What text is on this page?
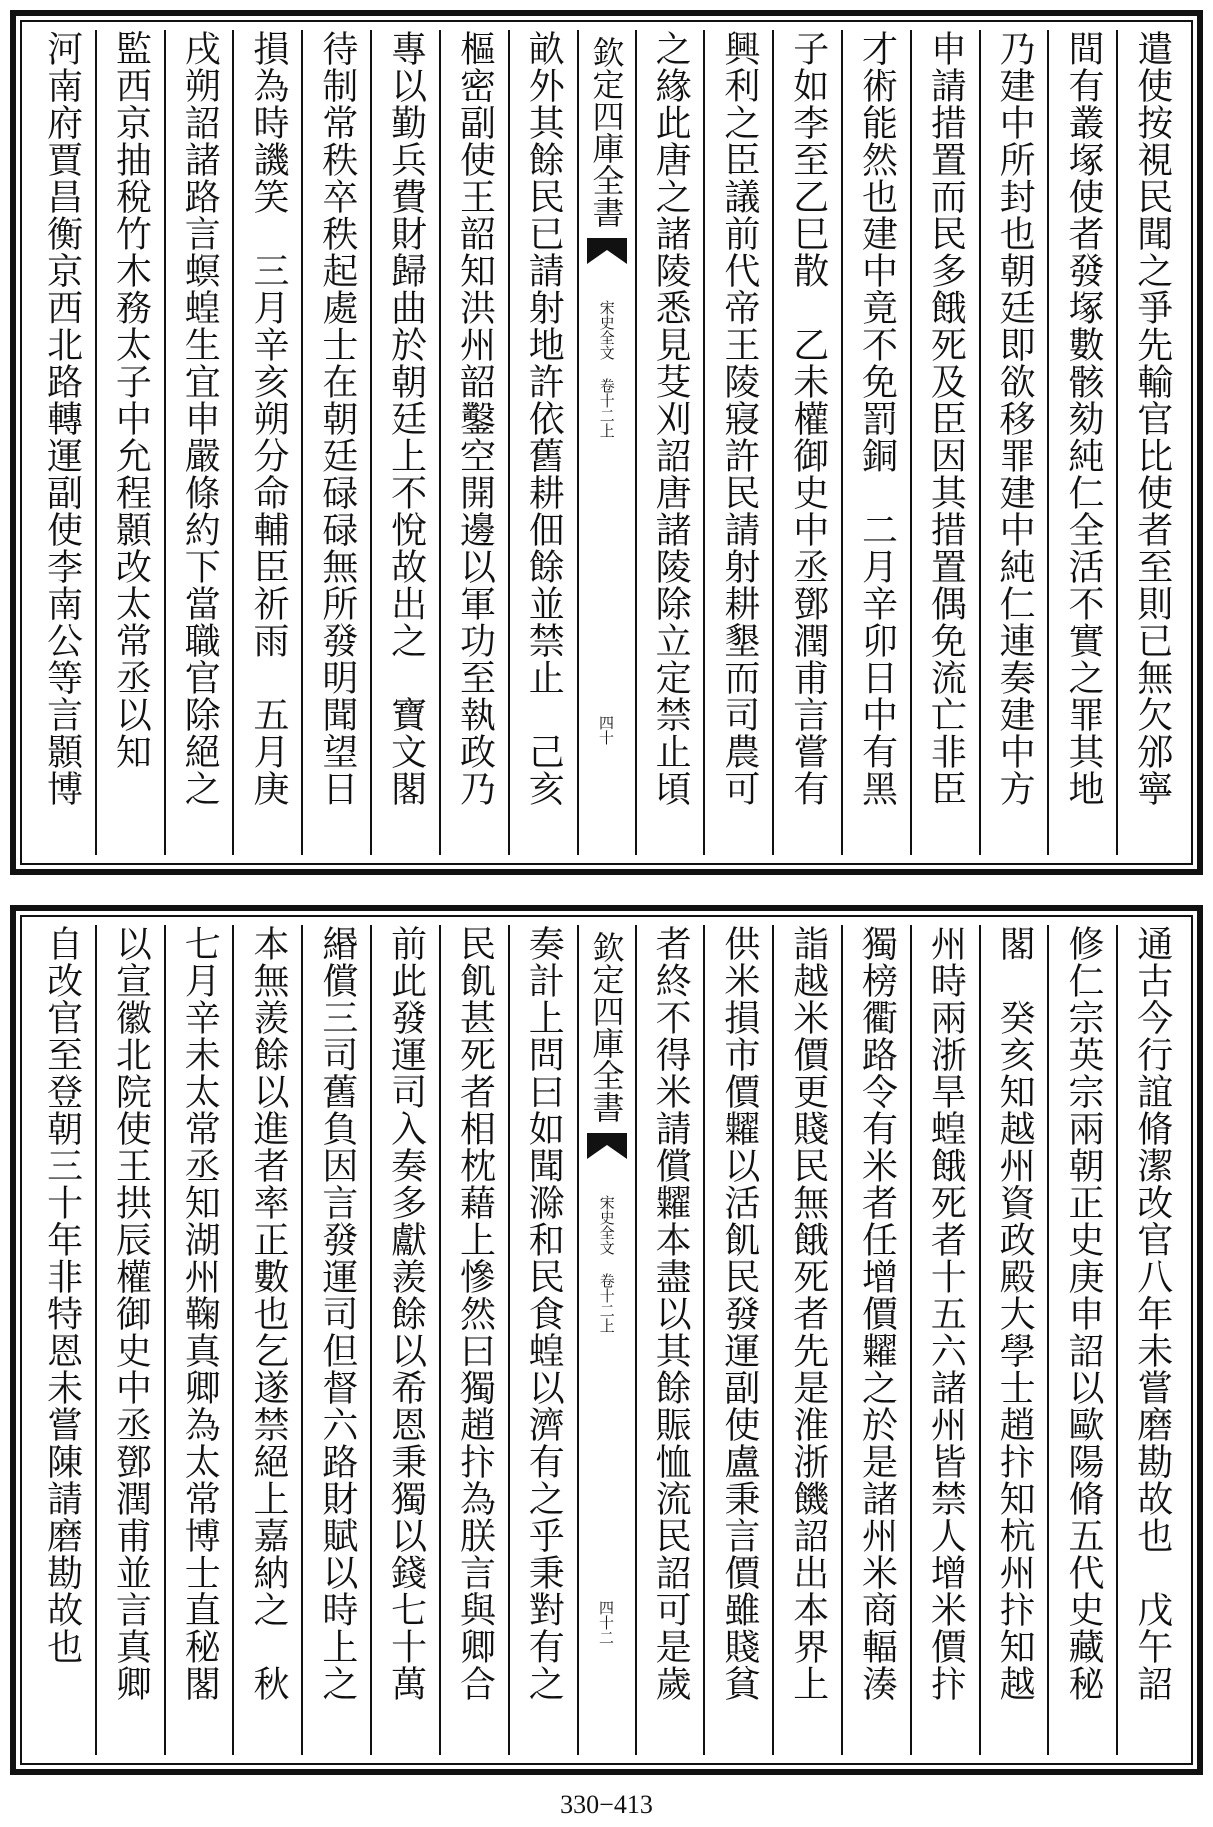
遣使按視民聞之爭先輸官比使者至則已無欠邠寧
間有叢塚使者發塚數骸劾純仁全活不實之罪其地
乃建中所封也朝廷即欲移罪建中純仁連奏建中方
申請措置而民多餓死及臣因其措置偶免流亡非臣
才術能然也建中竟不免罰銅　二月辛卯日中有黑
子如李至乙巳散　乙未權御史中丞鄧潤甫言嘗有
興利之臣議前代帝王陵寢許民請射耕墾而司農可
之緣此唐之諸陵悉見芟刈詔唐諸陵除立定禁止頃
欽定四庫全書
宋史全文 卷十二上
四十
畝外其餘民已請射地許依舊耕佃餘並禁止　己亥
樞密副使王韶知洪州韶鑿空開邊以軍功至執政乃
專以勤兵費財歸曲於朝廷上不悅故出之　寶文閣
待制常秩卒秩起處士在朝廷碌碌無所發明聞望日
損為時譏笑　三月辛亥朔分命輔臣祈雨　五月庚
戌朔詔諸路言螟蝗生宜申嚴條約下當職官除絕之
監西京抽稅竹木務太子中允程顥改太常丞以知
河南府賈昌衡京西北路轉運副使李南公等言顥博
通古今行誼脩潔改官八年未嘗磨勘故也　戊午詔
修仁宗英宗兩朝正史庚申詔以歐陽脩五代史藏秘
閣　癸亥知越州資政殿大學士趙抃知杭州抃知越
州時兩浙旱蝗餓死者十五六諸州皆禁人增米價抃
獨榜衢路令有米者任增價糶之於是諸州米商輻湊
詣越米價更賤民無餓死者先是淮浙饑詔出本界上
供米損市價糶以活飢民發運副使盧秉言價雖賤貧
者終不得米請償糶本盡以其餘賑恤流民詔可是歲
欽定四庫全書
宋史全文 卷十二上
四十二
奏計上問曰如聞滁和民食蝗以濟有之乎秉對有之
民飢甚死者相枕藉上慘然曰獨趙抃為朕言與卿合
前此發運司入奏多獻羨餘以希恩秉獨以錢七十萬
緡償三司舊負因言發運司但督六路財賦以時上之
本無羨餘以進者率正數也乞遂禁絕上嘉納之　秋
七月辛未太常丞知湖州鞠真卿為太常博士直秘閣
以宣徽北院使王拱辰權御史中丞鄧潤甫並言真卿
自改官至登朝三十年非特恩未嘗陳請磨勘故也
330−413
